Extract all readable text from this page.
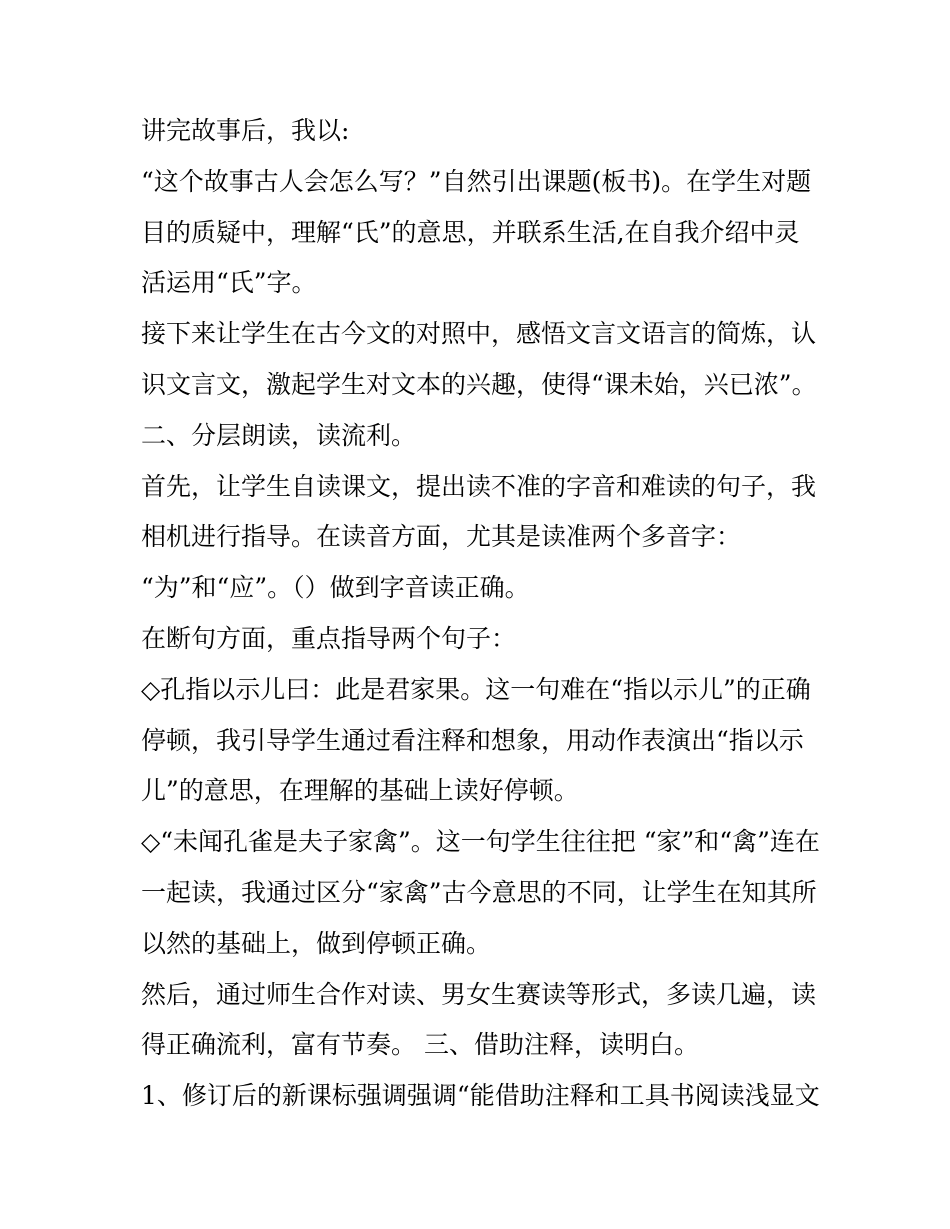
讲完故事后，我以:
“这个故事古人会怎么写？”自然引出课题(板书)。在学生对题
目的质疑中，理解“氏”的意思，并联系生活,在自我介绍中灵
活运用“氏”字。
接下来让学生在古今文的对照中，感悟文言文语言的简炼，认
识文言文，激起学生对文本的兴趣，使得“课未始，兴已浓”。
二、分层朗读，读流利。
首先，让学生自读课文，提出读不准的字音和难读的句子，我
相机进行指导。在读音方面，尤其是读准两个多音字：
“为”和“应”。（）做到字音读正确。
在断句方面，重点指导两个句子：
◇孔指以示儿曰：此是君家果。这一句难在“指以示儿”的正确
停顿，我引导学生通过看注释和想象，用动作表演出“指以示
儿”的意思，在理解的基础上读好停顿。
◇“未闻孔雀是夫子家禽”。这一句学生往往把 “家”和“禽”连在
一起读，我通过区分“家禽”古今意思的不同，让学生在知其所
以然的基础上，做到停顿正确。
然后，通过师生合作对读、男女生赛读等形式，多读几遍，读
得正确流利，富有节奏。 三、借助注释，读明白。
1、修订后的新课标强调强调“能借助注释和工具书阅读浅显文
